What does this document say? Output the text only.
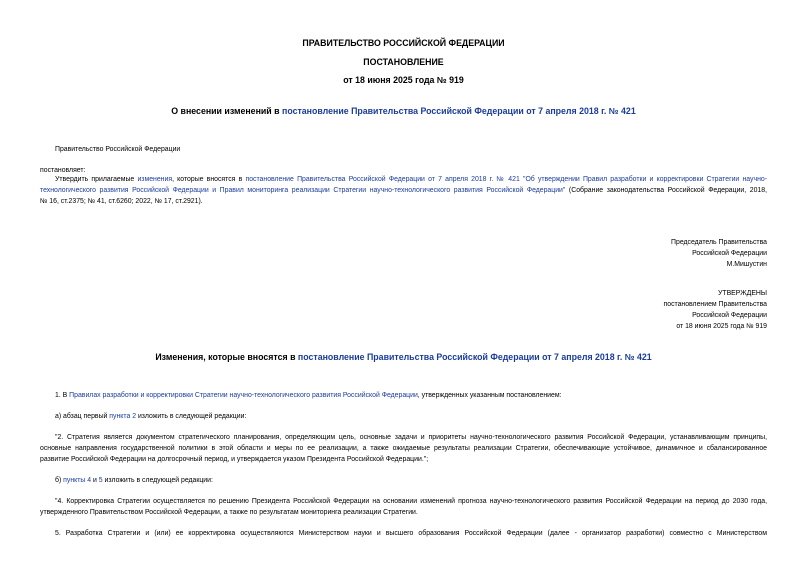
ПРАВИТЕЛЬСТВО РОССИЙСКОЙ ФЕДЕРАЦИИ
ПОСТАНОВЛЕНИЕ
от 18 июня 2025 года № 919
О внесении изменений в постановление Правительства Российской Федерации от 7 апреля 2018 г. № 421
Правительство Российской Федерации
постановляет:
Утвердить прилагаемые изменения, которые вносятся в постановление Правительства Российской Федерации от 7 апреля 2018 г. № 421 "Об утверждении Правил разработки и корректировки Стратегии научно-
технологического развития Российской Федерации и Правил мониторинга реализации Стратегии научно-технологического развития Российской Федерации" (Собрание законодательства Российской Федерации, 2018,
№ 16, ст.2375; № 41, ст.6260; 2022, № 17, ст.2921).
Председатель Правительства
Российской Федерации
М.Мишустин
УТВЕРЖДЕНЫ
постановлением Правительства
Российской Федерации
от 18 июня 2025 года № 919
Изменения, которые вносятся в постановление Правительства Российской Федерации от 7 апреля 2018 г. № 421
1. В Правилах разработки и корректировки Стратегии научно-технологического развития Российской Федерации, утвержденных указанным постановлением:
а) абзац первый пункта 2 изложить в следующей редакции:
"2. Стратегия является документом стратегического планирования, определяющим цель, основные задачи и приоритеты научно-технологического развития Российской Федерации, устанавливающим принципы,
основные направления государственной политики в этой области и меры по ее реализации, а также ожидаемые результаты реализации Стратегии, обеспечивающие устойчивое, динамичное и сбалансированное
развитие Российской Федерации на долгосрочный период, и утверждается указом Президента Российской Федерации.";
б) пункты 4 и 5 изложить в следующей редакции:
"4. Корректировка Стратегии осуществляется по решению Президента Российской Федерации на основании изменений прогноза научно-технологического развития Российской Федерации на период до 2030 года,
утвержденного Правительством Российской Федерации, а также по результатам мониторинга реализации Стратегии.
5. Разработка Стратегии и (или) ее корректировка осуществляются Министерством науки и высшего образования Российской Федерации (далее - организатор разработки) совместно с Министерством
